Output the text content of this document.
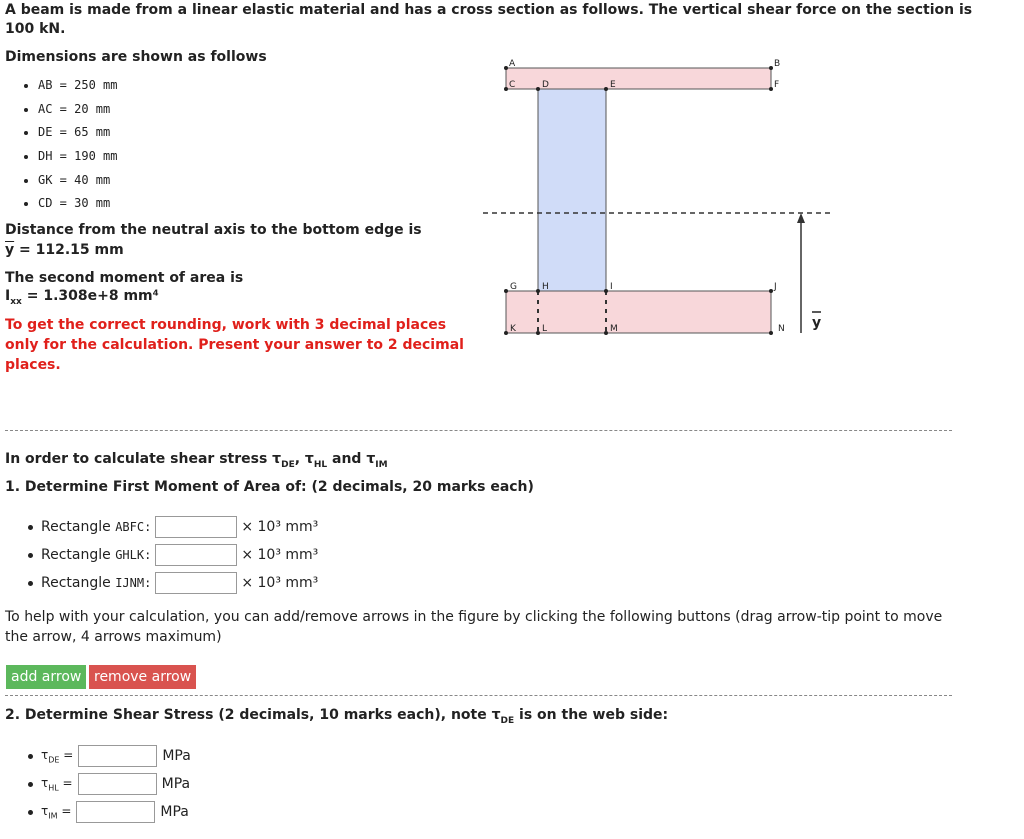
A beam is made from a linear elastic material and has a cross section as follows. The vertical shear force on the section is
100 kN.
Dimensions are shown as follows
• AB = 250 mm
• AC = 20 mm
• DE = 65 mm
• DH = 190 mm
• GK = 40 mm
• CD = 30 mm
Distance from the neutral axis to the bottom edge is
$\overline{y} = 112.15$ mm
The second moment of area is
$I_{xx} = 1.308e+8$ mm⁴
To get the correct rounding, work with 3 decimal places
only for the calculation. Present your answer to 2 decimal
places.
A	B
C	D	E	F
G	H	I	J
K	L	M	N y
In order to calculate shear stress $\tau_{DE}$, $\tau_{HL}$ and $\tau_{IM}$
1. Determine First Moment of Area of: (2 decimals, 20 marks each)
Rectangle
ABFC:	× 10³ mm³
Rectangle
GHLK:	× 10³ mm³
Rectangle
IJNM:	× 10³ mm³
To help with your calculation, you can add/remove arrows in the figure by clicking the following buttons (drag arrow-tip point to move
the arrow, 4 arrows maximum)
add arrow remove arrow
2. Determine Shear Stress (2 decimals, 10 marks each), note $\tau_{DE}$ is on the web side:
$\tau_{DE}$ =	MPa
$\tau_{HL}$ =	MPa
$\tau_{IM}$ =	MPa
